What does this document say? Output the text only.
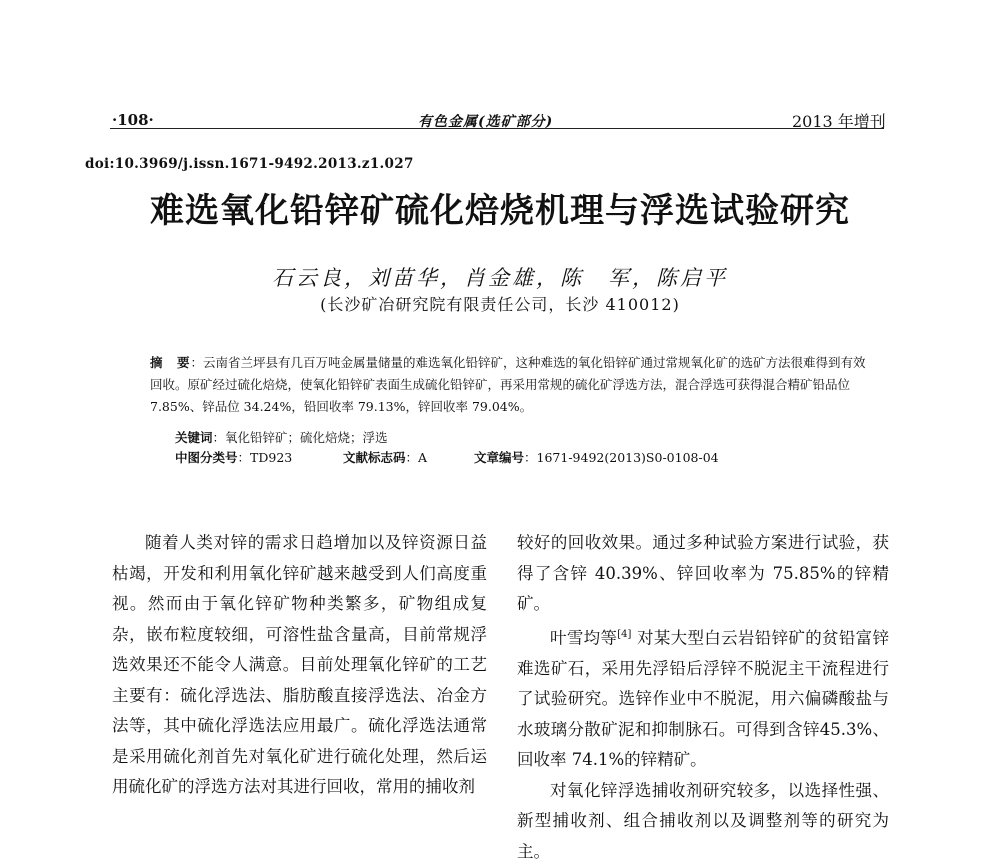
·108·	有色金属(选矿部分)	2013 年增刊
doi:10.3969/j.issn.1671-9492.2013.z1.027
难选氧化铅锌矿硫化焙烧机理与浮选试验研究
石云良，刘苗华，肖金雄，陈　军，陈启平
(长沙矿冶研究院有限责任公司，长沙 410012)
摘　要：云南省兰坪县有几百万吨金属量储量的难选氧化铅锌矿，这种难选的氧化铅锌矿通过常规氧化矿的选矿方法很难得到有效回收。原矿经过硫化焙烧，使氧化铅锌矿表面生成硫化铅锌矿，再采用常规的硫化矿浮选方法，混合浮选可获得混合精矿铅品位 7.85%、锌品位 34.24%，铅回收率 79.13%，锌回收率 79.04%。
关键词：氧化铅锌矿；硫化焙烧；浮选
中图分类号：TD923	文献标志码：A	文章编号：1671-9492(2013)S0-0108-04

随着人类对锌的需求日趋增加以及锌资源日益枯竭，开发和利用氧化锌矿越来越受到人们高度重视。然而由于氧化锌矿物种类繁多，矿物组成复杂，嵌布粒度较细，可溶性盐含量高，目前常规浮选效果还不能令人满意。目前处理氧化锌矿的工艺主要有：硫化浮选法、脂肪酸直接浮选法、冶金方法等，其中硫化浮选法应用最广。硫化浮选法通常是采用硫化剂首先对氧化矿进行硫化处理，然后运用硫化矿的浮选方法对其进行回收，常用的捕收剂

较好的回收效果。通过多种试验方案进行试验，获得了含锌 40.39%、锌回收率为 75.85%的锌精矿。

叶雪均等[4] 对某大型白云岩铅锌矿的贫铅富锌难选矿石，采用先浮铅后浮锌不脱泥主干流程进行了试验研究。选锌作业中不脱泥，用六偏磷酸盐与水玻璃分散矿泥和抑制脉石。可得到含锌45.3%、回收率 74.1%的锌精矿。

对氧化锌浮选捕收剂研究较多，以选择性强、新型捕收剂、组合捕收剂以及调整剂等的研究为主。
